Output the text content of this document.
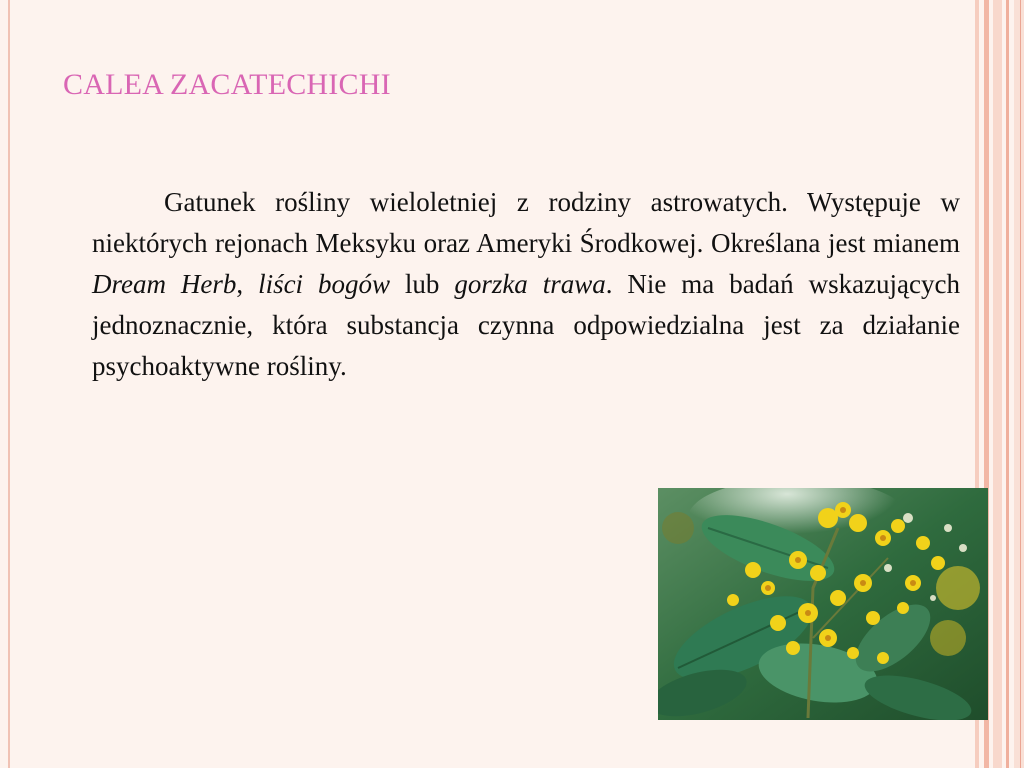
CALEA ZACATECHICHI

Gatunek rośliny wieloletniej z rodziny astrowatych. Występuje w niektórych rejonach Meksyku oraz Ameryki Środkowej. Określana jest mianem Dream Herb, liści bogów lub gorzka trawa. Nie ma badań wskazujących jednoznacznie, która substancja czynna odpowiedzialna jest za działanie psychoaktywne rośliny.
